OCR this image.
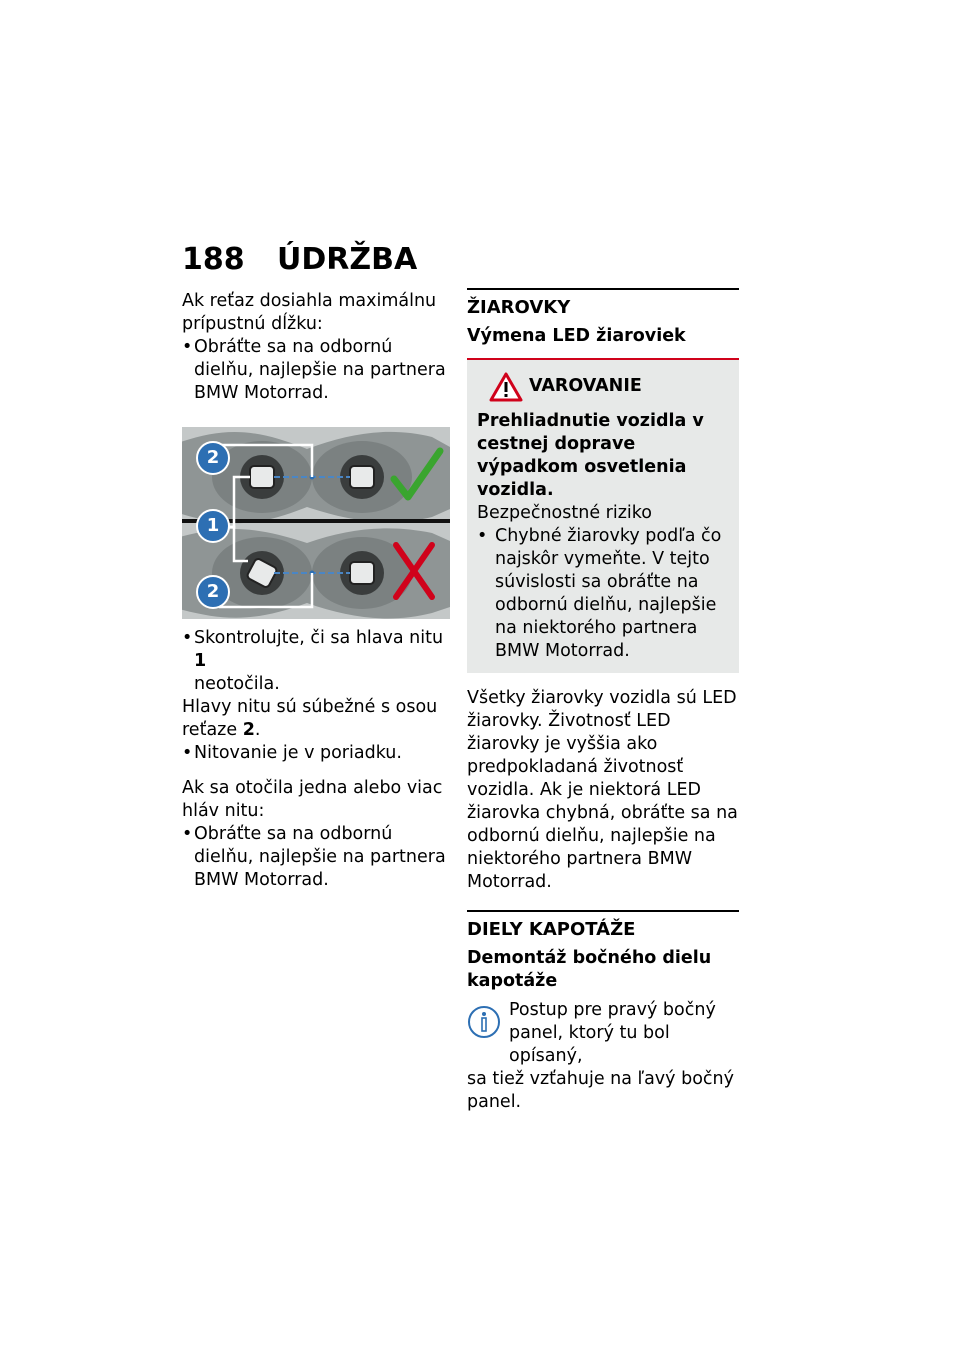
188 ÚDRŽBA

Ak reťaz dosiahla maximálnu prípustnú dĺžku:

• Obráťte sa na odbornú dielňu, najlepšie na partnera BMW Motorrad.
2
1
2
• Skontrolujte, či sa hlava nitu 1
neotočila.

Hlavy nitu sú súbežné s osou reťaze 2.

• Nitovanie je v poriadku.

Ak sa otočila jedna alebo viac hláv nitu:

• Obráťte sa na odbornú dielňu, najlepšie na partnera BMW Motorrad.
ŽIAROVKY
Výmena LED žiaroviek
VAROVANIE
Prehliadnutie vozidla v cestnej doprave výpadkom osvetlenia vozidla.

Bezpečnostné riziko

• Chybné žiarovky podľa čo najskôr vymeňte. V tejto súvislosti sa obráťte na odbornú dielňu, najlepšie na niektorého partnera BMW Motorrad.

Všetky žiarovky vozidla sú LED žiarovky. Životnosť LED žiarovky je vyššia ako predpokladaná životnosť vozidla. Ak je niektorá LED žiarovka chybná, obráťte sa na odbornú dielňu, najlepšie na niektorého partnera BMW Motorrad.

DIELY KAPOTÁŽE
Demontáž bočného dielu kapotáže

Postup pre pravý bočný panel, ktorý tu bol opísaný,

sa tiež vzťahuje na ľavý bočný panel.
